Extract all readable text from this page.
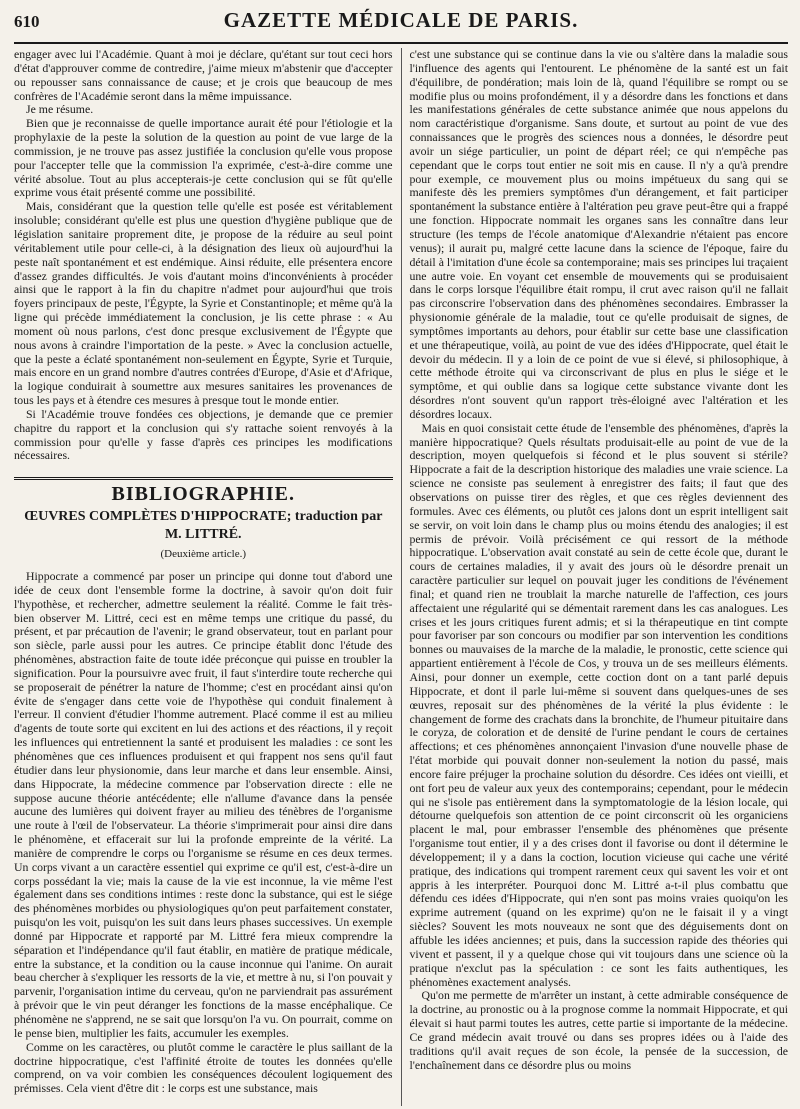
610	GAZETTE MÉDICALE DE PARIS.

engager avec lui l'Académie. Quant à moi je déclare, qu'étant sur tout ceci hors d'état d'approuver comme de contredire, j'aime mieux m'abstenir que d'accepter ou repousser sans connaissance de cause; et je crois que beaucoup de mes confrères de l'Académie seront dans la même impuissance.

Je me résume.

Bien que je reconnaisse de quelle importance aurait été pour l'étiologie et la prophylaxie de la peste la solution de la question au point de vue large de la commission, je ne trouve pas assez justifiée la conclusion qu'elle vous propose pour l'accepter telle que la commission l'a exprimée, c'est-à-dire comme une vérité absolue. Tout au plus accepterais-je cette conclusion qui se fût qu'elle exprime vous était présenté comme une possibilité.

Mais, considérant que la question telle qu'elle est posée est véritablement insoluble; considérant qu'elle est plus une question d'hygiène publique que de législation sanitaire proprement dite, je propose de la réduire au seul point véritablement utile pour celle-ci, à la désignation des lieux où aujourd'hui la peste naît spontanément et est endémique. Ainsi réduite, elle présentera encore d'assez grandes difficultés. Je vois d'autant moins d'inconvénients à procéder ainsi que le rapport à la fin du chapitre n'admet pour aujourd'hui que trois foyers principaux de peste, l'Égypte, la Syrie et Constantinople; et même qu'à la ligne qui précède immédiatement la conclusion, je lis cette phrase : « Au moment où nous parlons, c'est donc presque exclusivement de l'Égypte que nous avons à craindre l'importation de la peste. » Avec la conclusion actuelle, que la peste a éclaté spontanément non-seulement en Égypte, Syrie et Turquie, mais encore en un grand nombre d'autres contrées d'Europe, d'Asie et d'Afrique, la logique conduirait à soumettre aux mesures sanitaires les provenances de tous les pays et à étendre ces mesures à presque tout le monde entier.

Si l'Académie trouve fondées ces objections, je demande que ce premier chapitre du rapport et la conclusion qui s'y rattache soient renvoyés à la commission pour qu'elle y fasse d'après ces principes les modifications nécessaires.

BIBLIOGRAPHIE.
ŒUVRES COMPLÈTES D'HIPPOCRATE; traduction par
M. LITTRÉ.
(Deuxième article.)

Hippocrate a commencé par poser un principe qui donne tout d'abord une idée de ceux dont l'ensemble forme la doctrine, à savoir qu'on doit fuir l'hypothèse, et rechercher, admettre seulement la réalité. Comme le fait très-bien observer M. Littré, ceci est en même temps une critique du passé, du présent, et par précaution de l'avenir; le grand observateur, tout en parlant pour son siècle, parle aussi pour les autres. Ce principe établit donc l'étude des phénomènes, abstraction faite de toute idée préconçue qui puisse en troubler la signification. Pour la poursuivre avec fruit, il faut s'interdire toute recherche qui se proposerait de pénétrer la nature de l'homme; c'est en procédant ainsi qu'on évite de s'engager dans cette voie de l'hypothèse qui conduit finalement à l'erreur. Il convient d'étudier l'homme autrement. Placé comme il est au milieu d'agents de toute sorte qui excitent en lui des actions et des réactions, il y reçoit les influences qui entretiennent la santé et produisent les maladies : ce sont les phénomènes que ces influences produisent et qui frappent nos sens qu'il faut étudier dans leur physionomie, dans leur marche et dans leur ensemble. Ainsi, dans Hippocrate, la médecine commence par l'observation directe : elle ne suppose aucune théorie antécédente; elle n'allume d'avance dans la pensée aucune des lumières qui doivent frayer au milieu des ténèbres de l'organisme une route à l'œil de l'observateur. La théorie s'imprimerait pour ainsi dire dans le phénomène, et effacerait sur lui la profonde empreinte de la vérité. La manière de comprendre le corps ou l'organisme se résume en ces deux termes. Un corps vivant a un caractère essentiel qui exprime ce qu'il est, c'est-à-dire un corps possédant la vie; mais la cause de la vie est inconnue, la vie même l'est également dans ses conditions intimes : reste donc la substance, qui est le siége des phénomènes morbides ou physiologiques qu'on peut parfaitement constater, puisqu'on les voit, puisqu'on les suit dans leurs phases successives. Un exemple donné par Hippocrate et rapporté par M. Littré fera mieux comprendre la séparation et l'indépendance qu'il faut établir, en matière de pratique médicale, entre la substance, et la condition ou la cause inconnue qui l'anime. On aurait beau chercher à s'expliquer les ressorts de la vie, et mettre à nu, si l'on pouvait y parvenir, l'organisation intime du cerveau, qu'on ne parviendrait pas assurément à prévoir que le vin peut déranger les fonctions de la masse encéphalique. Ce phénomène ne s'apprend, ne se sait que lorsqu'on l'a vu. On pourrait, comme on le pense bien, multiplier les faits, accumuler les exemples.

Comme on les caractères, ou plutôt comme le caractère le plus saillant de la doctrine hippocratique, c'est l'affinité étroite de toutes les données qu'elle comprend, on va voir combien les conséquences découlent logiquement des prémisses. Cela vient d'être dit : le corps est une substance, mais

c'est une substance qui se continue dans la vie ou s'altère dans la maladie sous l'influence des agents qui l'entourent. Le phénomène de la santé est un fait d'équilibre, de pondération; mais loin de là, quand l'équilibre se rompt ou se modifie plus ou moins profondément, il y a désordre dans les fonctions et dans les manifestations générales de cette substance animée que nous appelons du nom caractéristique d'organisme. Sans doute, et surtout au point de vue des connaissances que le progrès des sciences nous a données, le désordre peut avoir un siége particulier, un point de départ réel; ce qui n'empêche pas cependant que le corps tout entier ne soit mis en cause. Il n'y a qu'à prendre pour exemple, ce mouvement plus ou moins impétueux du sang qui se manifeste dès les premiers symptômes d'un dérangement, et fait participer spontanément la substance entière à l'altération peu grave peut-être qui a frappé une fonction. Hippocrate nommait les organes sans les connaître dans leur structure (les temps de l'école anatomique d'Alexandrie n'étaient pas encore venus); il aurait pu, malgré cette lacune dans la science de l'époque, faire du détail à l'imitation d'une école sa contemporaine; mais ses principes lui traçaient une autre voie. En voyant cet ensemble de mouvements qui se produisaient dans le corps lorsque l'équilibre était rompu, il crut avec raison qu'il ne fallait pas circonscrire l'observation dans des phénomènes secondaires. Embrasser la physionomie générale de la maladie, tout ce qu'elle produisait de signes, de symptômes importants au dehors, pour établir sur cette base une classification et une thérapeutique, voilà, au point de vue des idées d'Hippocrate, quel était le devoir du médecin. Il y a loin de ce point de vue si élevé, si philosophique, à cette méthode étroite qui va circonscrivant de plus en plus le siége et le symptôme, et qui oublie dans sa logique cette substance vivante dont les désordres n'ont souvent qu'un rapport très-éloigné avec l'altération et les désordres locaux.

Mais en quoi consistait cette étude de l'ensemble des phénomènes, d'après la manière hippocratique? Quels résultats produisait-elle au point de vue de la description, moyen quelquefois si fécond et le plus souvent si stérile? Hippocrate a fait de la description historique des maladies une vraie science. La science ne consiste pas seulement à enregistrer des faits; il faut que des observations on puisse tirer des règles, et que ces règles deviennent des formules. Avec ces éléments, ou plutôt ces jalons dont un esprit intelligent sait se servir, on voit loin dans le champ plus ou moins étendu des analogies; il est permis de prévoir. Voilà précisément ce qui ressort de la méthode hippocratique. L'observation avait constaté au sein de cette école que, durant le cours de certaines maladies, il y avait des jours où le désordre prenait un caractère particulier sur lequel on pouvait juger les conditions de l'événement final; et quand rien ne troublait la marche naturelle de l'affection, ces jours affectaient une régularité qui se démentait rarement dans les cas analogues. Les crises et les jours critiques furent admis; et si la thérapeutique en tint compte pour favoriser par son concours ou modifier par son intervention les conditions bonnes ou mauvaises de la marche de la maladie, le pronostic, cette science qui appartient entièrement à l'école de Cos, y trouva un de ses meilleurs éléments. Ainsi, pour donner un exemple, cette coction dont on a tant parlé depuis Hippocrate, et dont il parle lui-même si souvent dans quelques-unes de ses œuvres, reposait sur des phénomènes de la vérité la plus évidente : le changement de forme des crachats dans la bronchite, de l'humeur pituitaire dans le coryza, de coloration et de densité de l'urine pendant le cours de certaines affections; et ces phénomènes annonçaient l'invasion d'une nouvelle phase de l'état morbide qui pouvait donner non-seulement la notion du passé, mais encore faire préjuger la prochaine solution du désordre. Ces idées ont vieilli, et ont fort peu de valeur aux yeux des contemporains; cependant, pour le médecin qui ne s'isole pas entièrement dans la symptomatologie de la lésion locale, qui détourne quelquefois son attention de ce point circonscrit où les organiciens placent le mal, pour embrasser l'ensemble des phénomènes que présente l'organisme tout entier, il y a des crises dont il favorise ou dont il détermine le développement; il y a dans la coction, locution vicieuse qui cache une vérité pratique, des indications qui trompent rarement ceux qui savent les voir et ont appris à les interpréter. Pourquoi donc M. Littré a-t-il plus combattu que défendu ces idées d'Hippocrate, qui n'en sont pas moins vraies quoiqu'on les exprime autrement (quand on les exprime) qu'on ne le faisait il y a vingt siècles? Souvent les mots nouveaux ne sont que des déguisements dont on affuble les idées anciennes; et puis, dans la succession rapide des théories qui vivent et passent, il y a quelque chose qui vit toujours dans une science où la pratique n'exclut pas la spéculation : ce sont les faits authentiques, les phénomènes exactement analysés.

Qu'on me permette de m'arrêter un instant, à cette admirable conséquence de la doctrine, au pronostic ou à la prognose comme la nommait Hippocrate, et qui élevait si haut parmi toutes les autres, cette partie si importante de la médecine. Ce grand médecin avait trouvé ou dans ses propres idées ou à l'aide des traditions qu'il avait reçues de son école, la pensée de la succession, de l'enchaînement dans ce désordre plus ou moins
